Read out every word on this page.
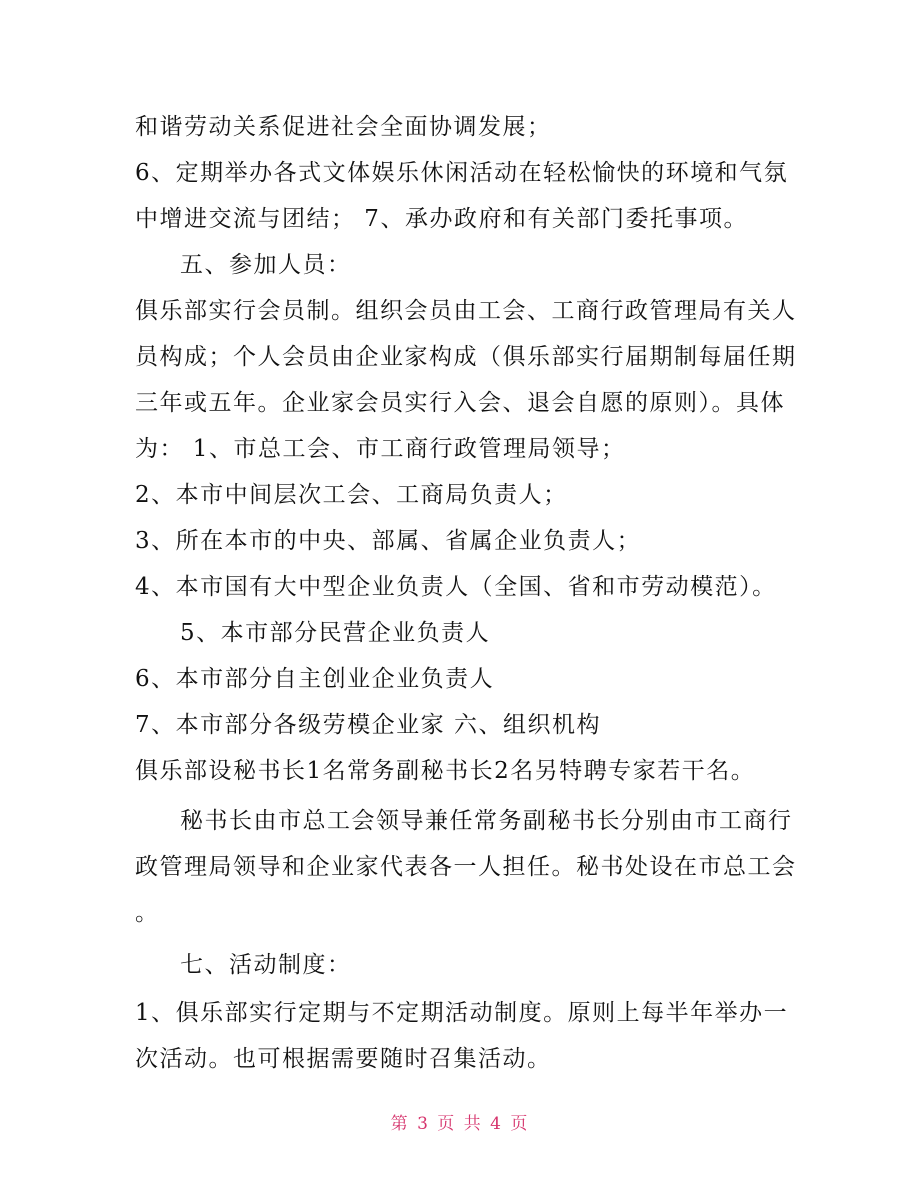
和谐劳动关系促进社会全面协调发展；
6、定期举办各式文体娱乐休闲活动在轻松愉快的环境和气氛
中增进交流与团结； 7、承办政府和有关部门委托事项。
五、参加人员：
俱乐部实行会员制。组织会员由工会、工商行政管理局有关人
员构成；个人会员由企业家构成（俱乐部实行届期制每届任期
三年或五年。企业家会员实行入会、退会自愿的原则）。具体
为： 1、市总工会、市工商行政管理局领导；
2、本市中间层次工会、工商局负责人；
3、所在本市的中央、部属、省属企业负责人；
4、本市国有大中型企业负责人（全国、省和市劳动模范）。
5、本市部分民营企业负责人
6、本市部分自主创业企业负责人
7、本市部分各级劳模企业家 六、组织机构
俱乐部设秘书长1名常务副秘书长2名另特聘专家若干名。
秘书长由市总工会领导兼任常务副秘书长分别由市工商行
政管理局领导和企业家代表各一人担任。秘书处设在市总工会
。
七、活动制度：
1、俱乐部实行定期与不定期活动制度。原则上每半年举办一
次活动。也可根据需要随时召集活动。
第 3 页 共 4 页
